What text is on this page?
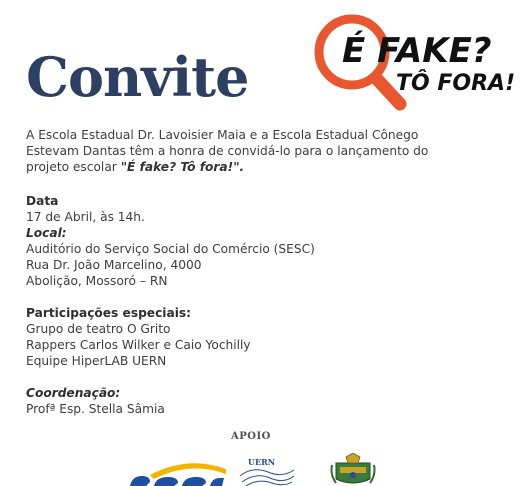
Convite	É FAKE?
TÔ FORA!
A Escola Estadual Dr. Lavoisier Maia e a Escola Estadual Cônego Estevam Dantas têm a honra de convidá-lo para o lançamento do projeto escolar "É fake? Tô fora!".
Data
17 de Abril, às 14h.
Local:
Auditório do Serviço Social do Comércio (SESC)
Rua Dr. João Marcelino, 4000
Abolição, Mossoró – RN
Participações especiais:
Grupo de teatro O Grito
Rappers Carlos Wilker e Caio Yochilly
Equipe HiperLAB UERN
Coordenação:
Profª Esp. Stella Sâmia
APOIO
UERN
